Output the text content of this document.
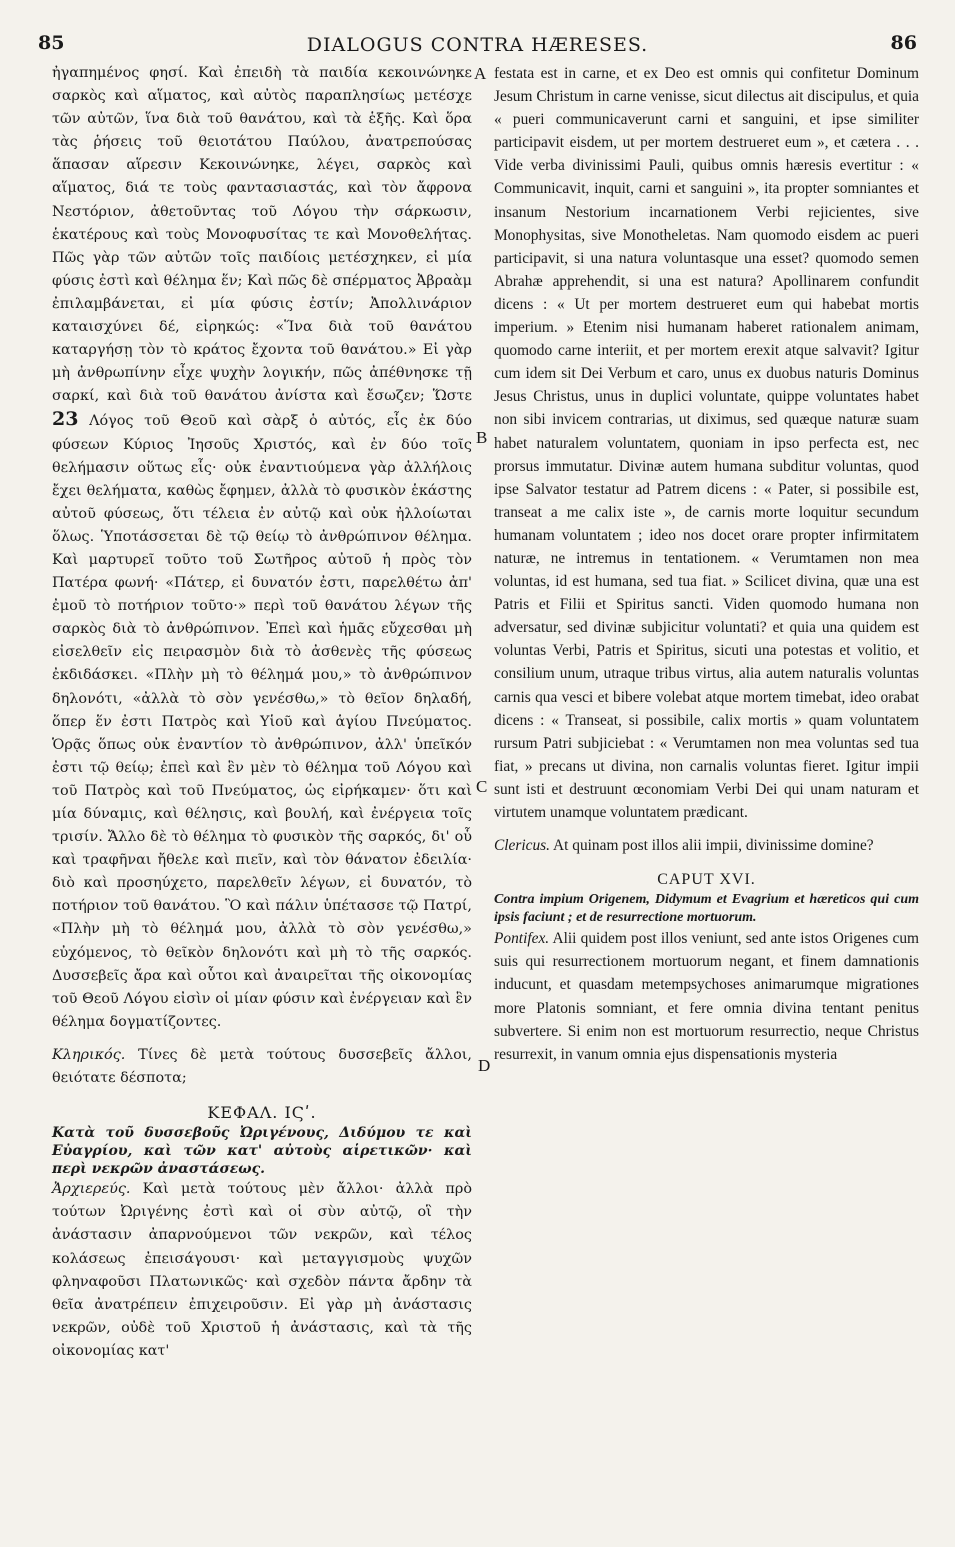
85	DIALOGUS CONTRA HÆRESES.	86
A
B
C
D

ἠγαπημένος φησί. Καὶ ἐπειδὴ τὰ παιδία κεκοινώνηκε σαρκὸς καὶ αἵματος, καὶ αὐτὸς παραπλησίως μετέσχε τῶν αὐτῶν, ἵνα διὰ τοῦ θανάτου, καὶ τὰ ἑξῆς. Καὶ ὅρα τὰς ῥήσεις τοῦ θειοτάτου Παύλου, ἀνατρεπούσας ἅπασαν αἵρεσιν Κεκοινώνηκε, λέγει, σαρκὸς καὶ αἵματος, διά τε τοὺς φαντασιαστάς, καὶ τὸν ἄφρονα Νεστόριον, ἀθετοῦντας τοῦ Λόγου τὴν σάρκωσιν, ἑκατέρους καὶ τοὺς Μονοφυσίτας τε καὶ Μονοθελήτας. Πῶς γὰρ τῶν αὐτῶν τοῖς παιδίοις μετέσχηκεν, εἰ μία φύσις ἐστὶ καὶ θέλημα ἕν; Καὶ πῶς δὲ σπέρματος Ἀβραὰμ ἐπιλαμβάνεται, εἰ μία φύσις ἐστίν; Ἀπολλινάριον καταισχύνει δέ, εἰρηκώς: «Ἵνα διὰ τοῦ θανάτου καταργήσῃ τὸν τὸ κράτος ἔχοντα τοῦ θανάτου.» Εἰ γὰρ μὴ ἀνθρωπίνην εἶχε ψυχὴν λογικήν, πῶς ἀπέθνησκε τῇ σαρκί, καὶ διὰ τοῦ θανάτου ἀνίστα καὶ ἔσωζεν; Ὥστε 23 Λόγος τοῦ Θεοῦ καὶ σὰρξ ὁ αὐτός, εἷς ἐκ δύο φύσεων Κύριος Ἰησοῦς Χριστός, καὶ ἐν δύο τοῖς θελήμασιν οὕτως εἷς· οὐκ ἐναντιούμενα γὰρ ἀλλήλοις ἔχει θελήματα, καθὼς ἔφημεν, ἀλλὰ τὸ φυσικὸν ἑκάστης αὐτοῦ φύσεως, ὅτι τέλεια ἐν αὐτῷ καὶ οὐκ ἠλλοίωται ὅλως. Ὑποτάσσεται δὲ τῷ θείῳ τὸ ἀνθρώπινον θέλημα. Καὶ μαρτυρεῖ τοῦτο τοῦ Σωτῆρος αὐτοῦ ἡ πρὸς τὸν Πατέρα φωνή· «Πάτερ, εἰ δυνατόν ἐστι, παρελθέτω ἀπ' ἐμοῦ τὸ ποτήριον τοῦτο·» περὶ τοῦ θανάτου λέγων τῆς σαρκὸς διὰ τὸ ἀνθρώπινον. Ἐπεὶ καὶ ἡμᾶς εὔχεσθαι μὴ εἰσελθεῖν εἰς πειρασμὸν διὰ τὸ ἀσθενὲς τῆς φύσεως ἐκδιδάσκει. «Πλὴν μὴ τὸ θέλημά μου,» τὸ ἀνθρώπινον δηλονότι, «ἀλλὰ τὸ σὸν γενέσθω,» τὸ θεῖον δηλαδή, ὅπερ ἕν ἐστι Πατρὸς καὶ Υἱοῦ καὶ ἁγίου Πνεύματος. Ὁρᾷς ὅπως οὐκ ἐναντίον τὸ ἀνθρώπινον, ἀλλ' ὑπεῖκόν ἐστι τῷ θείῳ; ἐπεὶ καὶ ἓν μὲν τὸ θέλημα τοῦ Λόγου καὶ τοῦ Πατρὸς καὶ τοῦ Πνεύματος, ὡς εἰρήκαμεν· ὅτι καὶ μία δύναμις, καὶ θέλησις, καὶ βουλή, καὶ ἐνέργεια τοῖς τρισίν. Ἄλλο δὲ τὸ θέλημα τὸ φυσικὸν τῆς σαρκός, δι' οὗ καὶ τραφῆναι ἤθελε καὶ πιεῖν, καὶ τὸν θάνατον ἐδειλία· διὸ καὶ προσηύχετο, παρελθεῖν λέγων, εἰ δυνατόν, τὸ ποτήριον τοῦ θανάτου. Ὃ καὶ πάλιν ὑπέτασσε τῷ Πατρί, «Πλὴν μὴ τὸ θέλημά μου, ἀλλὰ τὸ σὸν γενέσθω,» εὐχόμενος, τὸ θεῖκὸν δηλονότι καὶ μὴ τὸ τῆς σαρκός. Δυσσεβεῖς ἄρα καὶ οὗτοι καὶ ἀναιρεῖται τῆς οἰκονομίας τοῦ Θεοῦ Λόγου εἰσὶν οἱ μίαν φύσιν καὶ ἐνέργειαν καὶ ἓν θέλημα δογματίζοντες.

Κληρικός. Τίνες δὲ μετὰ τούτους δυσσεβεῖς ἄλλοι, θειότατε δέσποτα;

ΚΕΦΑΛ. ΙϚʹ.

Κατὰ τοῦ δυσσεβοῦς Ὠριγένους, Διδύμου τε καὶ Εὐαγρίου, καὶ τῶν κατ' αὐτοὺς αἱρετικῶν· καὶ περὶ νεκρῶν ἀναστάσεως.

Ἀρχιερεύς. Καὶ μετὰ τούτους μὲν ἄλλοι· ἀλλὰ πρὸ τούτων Ὠριγένης ἐστὶ καὶ οἱ σὺν αὐτῷ, οἳ τὴν ἀνάστασιν ἀπαρνούμενοι τῶν νεκρῶν, καὶ τέλος κολάσεως ἐπεισάγουσι· καὶ μεταγγισμοὺς ψυχῶν φληναφοῦσι Πλατωνικῶς· καὶ σχεδὸν πάντα ἄρδην τὰ θεῖα ἀνατρέπειν ἐπιχειροῦσιν. Εἰ γὰρ μὴ ἀνάστασις νεκρῶν, οὐδὲ τοῦ Χριστοῦ ἡ ἀνάστασις, καὶ τὰ τῆς οἰκονομίας κατ'

festata est in carne, et ex Deo est omnis qui confitetur Dominum Jesum Christum in carne venisse, sicut dilectus ait discipulus, et quia « pueri communicaverunt carni et sanguini, et ipse similiter participavit eisdem, ut per mortem destrueret eum », et cætera . . . Vide verba divinissimi Pauli, quibus omnis hæresis evertitur : « Communicavit, inquit, carni et sanguini », ita propter somniantes et insanum Nestorium incarnationem Verbi rejicientes, sive Monophysitas, sive Monotheletas. Nam quomodo eisdem ac pueri participavit, si una natura voluntasque una esset? quomodo semen Abrahæ apprehendit, si una est natura? Apollinarem confundit dicens : « Ut per mortem destrueret eum qui habebat mortis imperium. » Etenim nisi humanam haberet rationalem animam, quomodo carne interiit, et per mortem erexit atque salvavit? Igitur cum idem sit Dei Verbum et caro, unus ex duobus naturis Dominus Jesus Christus, unus in duplici voluntate, quippe voluntates habet non sibi invicem contrarias, ut diximus, sed quæque naturæ suam habet naturalem voluntatem, quoniam in ipso perfecta est, nec prorsus immutatur. Divinæ autem humana subditur voluntas, quod ipse Salvator testatur ad Patrem dicens : « Pater, si possibile est, transeat a me calix iste », de carnis morte loquitur secundum humanam voluntatem ; ideo nos docet orare propter infirmitatem naturæ, ne intremus in tentationem. « Verumtamen non mea voluntas, id est humana, sed tua fiat. » Scilicet divina, quæ una est Patris et Filii et Spiritus sancti. Viden quomodo humana non adversatur, sed divinæ subjicitur voluntati? et quia una quidem est voluntas Verbi, Patris et Spiritus, sicuti una potestas et volitio, et consilium unum, utraque tribus virtus, alia autem naturalis voluntas carnis qua vesci et bibere volebat atque mortem timebat, ideo orabat dicens : « Transeat, si possibile, calix mortis » quam voluntatem rursum Patri subjiciebat : « Verumtamen non mea voluntas sed tua fiat, » precans ut divina, non carnalis voluntas fieret. Igitur impii sunt isti et destruunt œconomiam Verbi Dei qui unam naturam et virtutem unamque voluntatem prædicant.

Clericus. At quinam post illos alii impii, divinissime domine?

CAPUT XVI.

Contra impium Origenem, Didymum et Evagrium et hæreticos qui cum ipsis faciunt ; et de resurrectione mortuorum.

Pontifex. Alii quidem post illos veniunt, sed ante istos Origenes cum suis qui resurrectionem mortuorum negant, et finem damnationis inducunt, et quasdam metempsychoses animarumque migrationes more Platonis somniant, et fere omnia divina tentant penitus subvertere. Si enim non est mortuorum resurrectio, neque Christus resurrexit, in vanum omnia ejus dispensationis mysteria
